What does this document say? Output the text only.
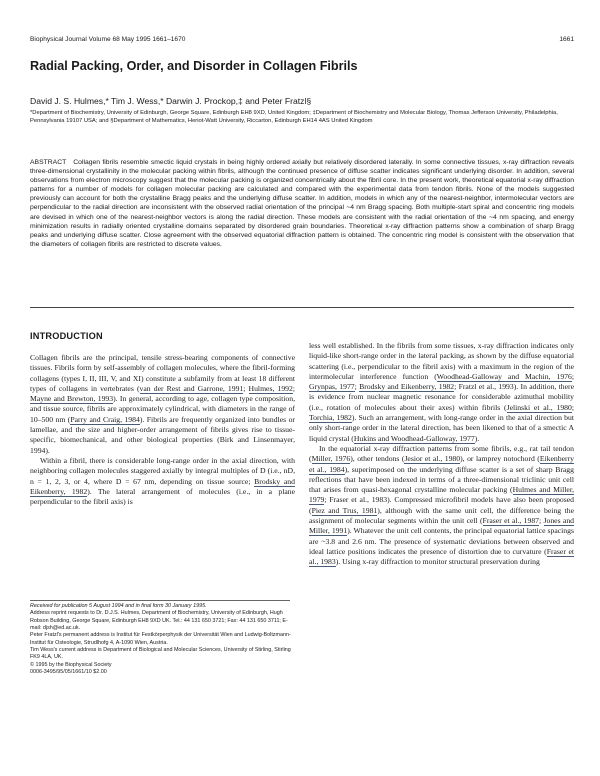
Biophysical Journal Volume 68 May 1995 1661–1670	1661
Radial Packing, Order, and Disorder in Collagen Fibrils
David J. S. Hulmes,* Tim J. Wess,* Darwin J. Prockop,‡ and Peter Fratzl§
*Department of Biochemistry, University of Edinburgh, George Square, Edinburgh EH8 9XD, United Kingdom; ‡Department of Biochemistry and Molecular Biology, Thomas Jefferson University, Philadelphia, Pennsylvania 19107 USA; and §Department of Mathematics, Heriot-Watt University, Riccarton, Edinburgh EH14 4AS United Kingdom
ABSTRACT Collagen fibrils resemble smectic liquid crystals in being highly ordered axially but relatively disordered laterally. In some connective tissues, x-ray diffraction reveals three-dimensional crystallinity in the molecular packing within fibrils, although the continued presence of diffuse scatter indicates significant underlying disorder. In addition, several observations from electron microscopy suggest that the molecular packing is organized concentrically about the fibril core. In the present work, theoretical equatorial x-ray diffraction patterns for a number of models for collagen molecular packing are calculated and compared with the experimental data from tendon fibrils. None of the models suggested previously can account for both the crystalline Bragg peaks and the underlying diffuse scatter. In addition, models in which any of the nearest-neighbor, intermolecular vectors are perpendicular to the radial direction are inconsistent with the observed radial orientation of the principal ~4 nm Bragg spacing. Both multiple-start spiral and concentric ring models are devised in which one of the nearest-neighbor vectors is along the radial direction. These models are consistent with the radial orientation of the ~4 nm spacing, and energy minimization results in radially oriented crystalline domains separated by disordered grain boundaries. Theoretical x-ray diffraction patterns show a combination of sharp Bragg peaks and underlying diffuse scatter. Close agreement with the observed equatorial diffraction pattern is obtained. The concentric ring model is consistent with the observation that the diameters of collagen fibrils are restricted to discrete values.
INTRODUCTION

Collagen fibrils are the principal, tensile stress-bearing components of connective tissues. Fibrils form by self-assembly of collagen molecules, where the fibril-forming collagens (types I, II, III, V, and XI) constitute a subfamily from at least 18 different types of collagens in vertebrates (van der Rest and Garrone, 1991; Hulmes, 1992; Mayne and Brewton, 1993). In general, according to age, collagen type composition, and tissue source, fibrils are approximately cylindrical, with diameters in the range of 10–500 nm (Parry and Craig, 1984). Fibrils are frequently organized into bundles or lamellae, and the size and higher-order arrangement of fibrils gives rise to tissue-specific, biomechanical, and other biological properties (Birk and Linsenmayer, 1994).

Within a fibril, there is considerable long-range order in the axial direction, with neighboring collagen molecules staggered axially by integral multiples of D (i.e., nD, n = 1, 2, 3, or 4, where D = 67 nm, depending on tissue source; Brodsky and Eikenberry, 1982). The lateral arrangement of molecules (i.e., in a plane perpendicular to the fibril axis) is

Received for publication 5 August 1994 and in final form 30 January 1995.

Address reprint requests to Dr. D.J.S. Hulmes, Department of Biochemistry, University of Edinburgh, Hugh Robson Building, George Square, Edinburgh EH8 9XD UK. Tel.: 44 131 650 3721; Fax: 44 131 650 3711; E-mail: djsh@ed.ac.uk.

Peter Fratzl's permanent address is Institut für Festkörperphysik der Universität Wien and Ludwig-Boltzmann-Institut für Osteologie, Strudlhofg 4, A-1090 Wien, Austria.

Tim Wess's current address is Department of Biological and Molecular Sciences, University of Stirling, Stirling FK9 4LA, UK.

© 1995 by the Biophysical Society

0006-3495/95/05/1661/10 $2.00

less well established. In the fibrils from some tissues, x-ray diffraction indicates only liquid-like short-range order in the lateral packing, as shown by the diffuse equatorial scattering (i.e., perpendicular to the fibril axis) with a maximum in the region of the intermolecular interference function (Woodhead-Galloway and Machin, 1976; Grynpas, 1977; Brodsky and Eikenberry, 1982; Fratzl et al., 1993). In addition, there is evidence from nuclear magnetic resonance for considerable azimuthal mobility (i.e., rotation of molecules about their axes) within fibrils (Jelinski et al., 1980; Torchia, 1982). Such an arrangement, with long-range order in the axial direction but only short-range order in the lateral direction, has been likened to that of a smectic A liquid crystal (Hukins and Woodhead-Galloway, 1977).

In the equatorial x-ray diffraction patterns from some fibrils, e.g., rat tail tendon (Miller, 1976), other tendons (Jesior et al., 1980), or lamprey notochord (Eikenberry et al., 1984), superimposed on the underlying diffuse scatter is a set of sharp Bragg reflections that have been indexed in terms of a three-dimensional triclinic unit cell that arises from quasi-hexagonal crystalline molecular packing (Hulmes and Miller, 1979; Fraser et al., 1983). Compressed microfibril models have also been proposed (Piez and Trus, 1981), although with the same unit cell, the difference being the assignment of molecular segments within the unit cell (Fraser et al., 1987; Jones and Miller, 1991). Whatever the unit cell contents, the principal equatorial lattice spacings are ~3.8 and 2.6 nm. The presence of systematic deviations between observed and ideal lattice positions indicates the presence of distortion due to curvature (Fraser et al., 1983). Using x-ray diffraction to monitor structural preservation during
